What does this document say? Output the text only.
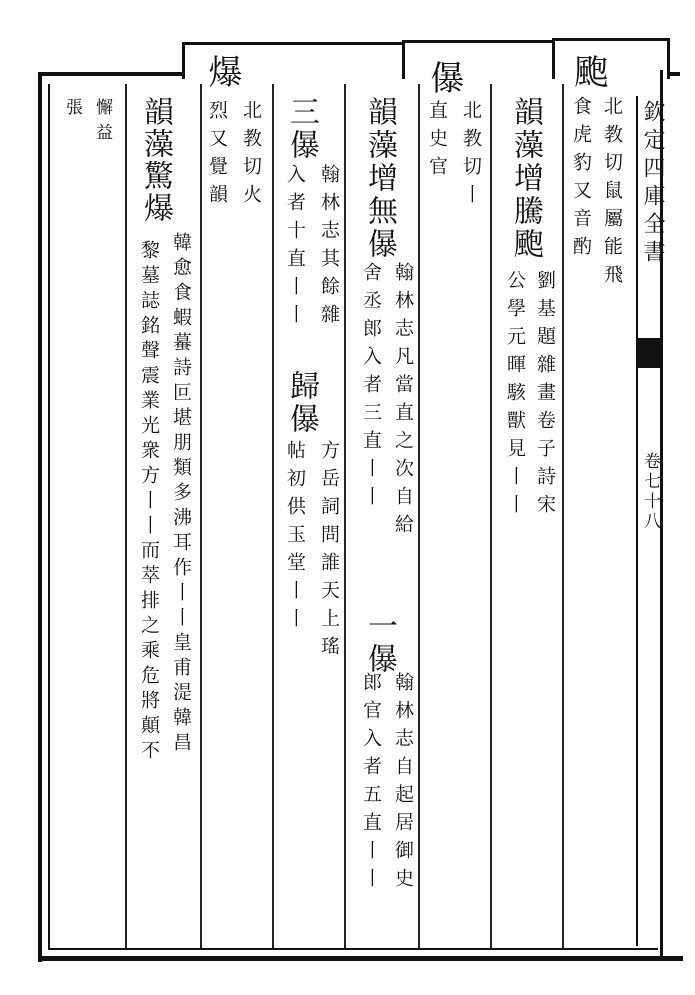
欽定四庫全書
卷七十八
颮
北教切鼠屬能飛
食虎豹又音酌
韻藻增騰颮
劉基題雜畫卷子詩宋
公學元暉駭獸見丨丨
儤
北教切丨
直史官
韻藻增無儤
翰林志凡當直之次自給
舍丞郎入者三直丨丨
一儤
翰林志自起居御史
郎官入者五直丨丨
三儤
翰林志其餘雜
入者十直丨丨
歸儤
方岳詞問誰天上瑤
帖初供玉堂丨丨
爆
北教切火
烈又覺韻
韻藻驚爆
韓愈食蝦蟇詩叵堪朋類多沸耳作丨丨皇甫湜韓昌
黎墓誌銘聲震業光衆方丨丨而萃排之乘危將顛不
懈益
張
